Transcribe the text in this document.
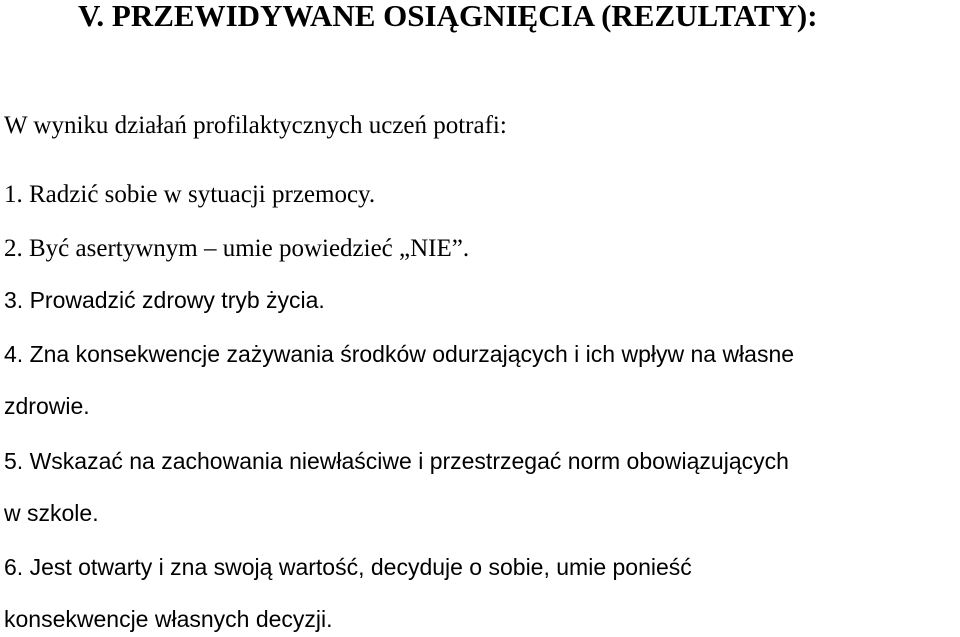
V. PRZEWIDYWANE OSIĄGNIĘCIA (REZULTATY):

W wyniku działań profilaktycznych uczeń potrafi:

1. Radzić sobie w sytuacji przemocy.

2. Być asertywnym – umie powiedzieć „NIE”.

3. Prowadzić zdrowy tryb życia.

4. Zna konsekwencje zażywania środków odurzających i ich wpływ na własne

zdrowie.

5. Wskazać na zachowania niewłaściwe i przestrzegać norm obowiązujących

w szkole.

6. Jest otwarty i zna swoją wartość, decyduje o sobie, umie ponieść

konsekwencje własnych decyzji.
